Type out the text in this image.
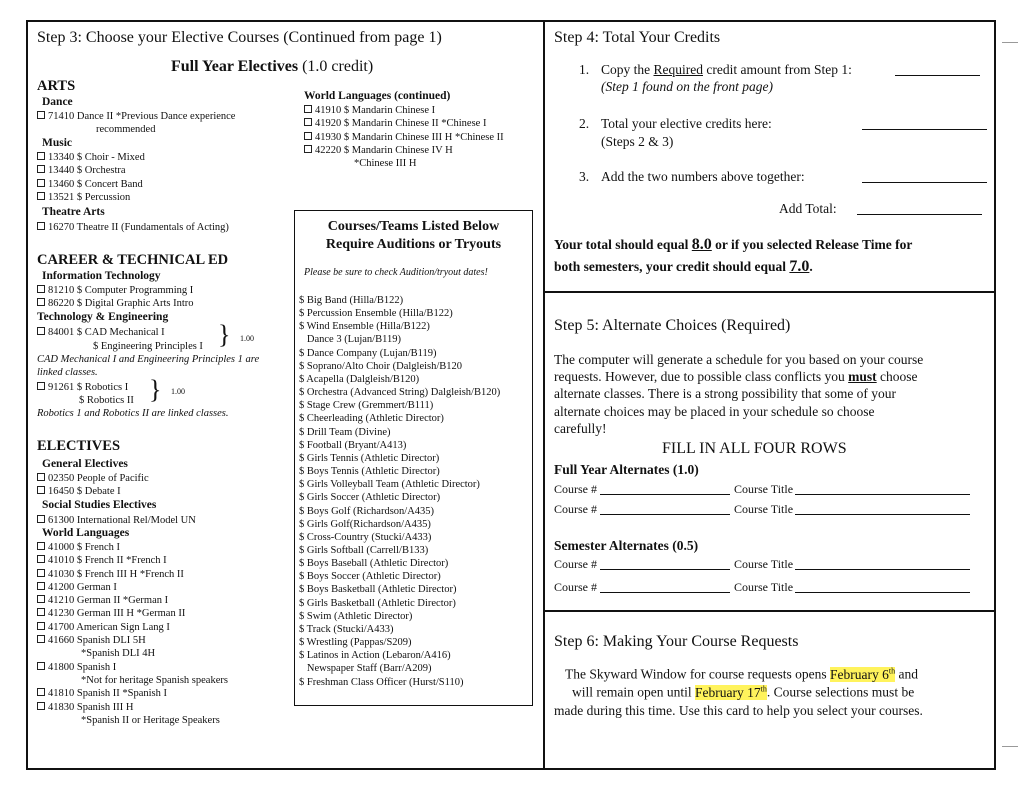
Step 3: Choose your Elective Courses (Continued from page 1)
Full Year Electives (1.0 credit)
ARTS
Dance
71410 Dance II *Previous Dance experience
recommended
Music
13340 $ Choir - Mixed
13440 $ Orchestra
13460 $ Concert Band
13521 $ Percussion
Theatre Arts
16270 Theatre II (Fundamentals of Acting)
CAREER & TECHNICAL ED
Information Technology
81210 $ Computer Programming I
86220 $ Digital Graphic Arts Intro
Technology & Engineering
84001 $ CAD Mechanical I
$ Engineering Principles I } 1.00
CAD Mechanical I and Engineering Principles 1 are
linked classes.
91261 $ Robotics I
$ Robotics II } 1.00
Robotics 1 and Robotics II are linked classes.
ELECTIVES
General Electives
02350 People of Pacific
16450 $ Debate I
Social Studies Electives
61300 International Rel/Model UN
World Languages
41000 $ French I
41010 $ French II *French I
41030 $ French III H *French II
41200 German I
41210 German II *German I
41230 German III H *German II
41700 American Sign Lang I
41660 Spanish DLI 5H
*Spanish DLI 4H
41800 Spanish I
*Not for heritage Spanish speakers
41810 Spanish II *Spanish I
41830 Spanish III H
*Spanish II or Heritage Speakers
World Languages (continued)
41910 $ Mandarin Chinese I
41920 $ Mandarin Chinese II *Chinese I
41930 $ Mandarin Chinese III H *Chinese II
42220 $ Mandarin Chinese IV H
*Chinese III H
Courses/Teams Listed Below
Require Auditions or Tryouts
Please be sure to check Audition/tryout dates!
$ Big Band (Hilla/B122)
$ Percussion Ensemble (Hilla/B122)
$ Wind Ensemble (Hilla/B122)
Dance 3 (Lujan/B119)
$ Dance Company (Lujan/B119)
$ Soprano/Alto Choir (Dalgleish/B120
$ Acapella (Dalgleish/B120)
$ Orchestra (Advanced String) Dalgleish/B120)
$ Stage Crew (Gremmert/B111)
$ Cheerleading (Athletic Director)
$ Drill Team (Divine)
$ Football (Bryant/A413)
$ Girls Tennis (Athletic Director)
$ Boys Tennis (Athletic Director)
$ Girls Volleyball Team (Athletic Director)
$ Girls Soccer (Athletic Director)
$ Boys Golf (Richardson/A435)
$ Girls Golf(Richardson/A435)
$ Cross-Country (Stucki/A433)
$ Girls Softball (Carrell/B133)
$ Boys Baseball (Athletic Director)
$ Boys Soccer (Athletic Director)
$ Boys Basketball (Athletic Director)
$ Girls Basketball (Athletic Director)
$ Swim (Athletic Director)
$ Track (Stucki/A433)
$ Wrestling (Pappas/S209)
$ Latinos in Action (Lebaron/A416)
Newspaper Staff (Barr/A209)
$ Freshman Class Officer (Hurst/S110)
Step 4: Total Your Credits
1. Copy the Required credit amount from Step 1:
(Step 1 found on the front page)
2. Total your elective credits here:
(Steps 2 & 3)
3. Add the two numbers above together:
Add Total:
Your total should equal 8.0 or if you selected Release Time for
both semesters, your credit should equal 7.0.
Step 5: Alternate Choices (Required)
The computer will generate a schedule for you based on your course
requests. However, due to possible class conflicts you must choose
alternate classes. There is a strong possibility that some of your
alternate choices may be placed in your schedule so choose
carefully!
FILL IN ALL FOUR ROWS
Full Year Alternates (1.0)
Semester Alternates (0.5)
Course #	Course Title
Course #	Course Title
Course #	Course Title
Course #	Course Title
Step 6: Making Your Course Requests
The Skyward Window for course requests opens February 6th and
will remain open until February 17th. Course selections must be
made during this time. Use this card to help you select your courses.
